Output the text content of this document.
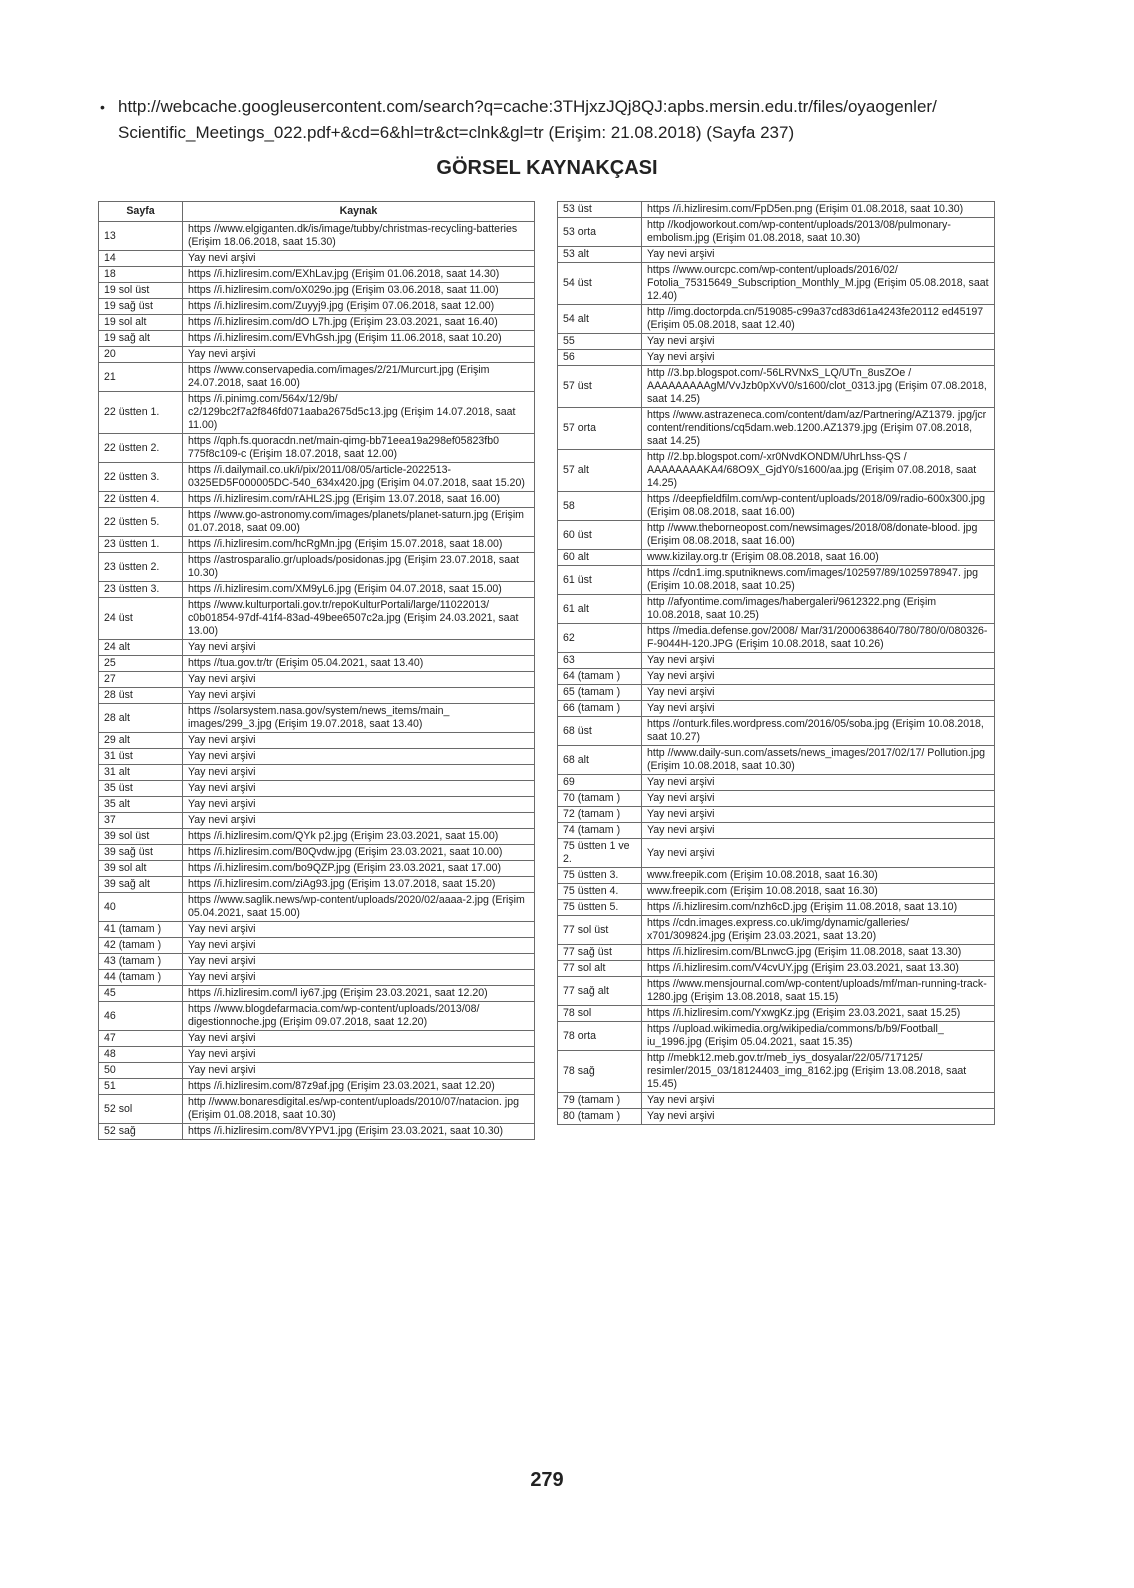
• http://webcache.googleusercontent.com/search?q=cache:3THjxzJQj8QJ:apbs.mersin.edu.tr/files/oyaogenler/
Scientific_Meetings_022.pdf+&cd=6&hl=tr&ct=clnk&gl=tr (Erişim: 21.08.2018) (Sayfa 237)
GÖRSEL KAYNAKÇASI
Sayfa	Kaynak
13	https //www.elgiganten.dk/is/image/tubby/christmas-recycling-batteries (Erişim 18.06.2018, saat 15.30)
14	Yay nevi arşivi
18	https //i.hizliresim.com/EXhLav.jpg (Erişim 01.06.2018, saat 14.30)
19 sol üst	https //i.hizliresim.com/oX029o.jpg (Erişim 03.06.2018, saat 11.00)
19 sağ üst	https //i.hizliresim.com/Zuyyj9.jpg (Erişim 07.06.2018, saat 12.00)
19 sol alt	https //i.hizliresim.com/dO L7h.jpg (Erişim 23.03.2021, saat 16.40)
19 sağ alt	https //i.hizliresim.com/EVhGsh.jpg (Erişim 11.06.2018, saat 10.20)
20	Yay nevi arşivi
21	https //www.conservapedia.com/images/2/21/Murcurt.jpg (Erişim 24.07.2018, saat 16.00)
22 üstten 1.	https //i.pinimg.com/564x/12/9b/ c2/129bc2f7a2f846fd071aaba2675d5c13.jpg (Erişim 14.07.2018, saat 11.00)
22 üstten 2.	https //qph.fs.quoracdn.net/main-qimg-bb71eea19a298ef05823fb0 775f8c109-c (Erişim 18.07.2018, saat 12.00)
22 üstten 3.	https //i.dailymail.co.uk/i/pix/2011/08/05/article-2022513-0325ED5F000005DC-540_634x420.jpg (Erişim 04.07.2018, saat 15.20)
22 üstten 4.	https //i.hizliresim.com/rAHL2S.jpg (Erişim 13.07.2018, saat 16.00)
22 üstten 5.	https //www.go-astronomy.com/images/planets/planet-saturn.jpg (Erişim 01.07.2018, saat 09.00)
23 üstten 1.	https //i.hizliresim.com/hcRgMn.jpg (Erişim 15.07.2018, saat 18.00)
23 üstten 2.	https //astrosparalio.gr/uploads/posidonas.jpg (Erişim 23.07.2018, saat 10.30)
23 üstten 3.	https //i.hizliresim.com/XM9yL6.jpg (Erişim 04.07.2018, saat 15.00)
24 üst	https //www.kulturportali.gov.tr/repoKulturPortali/large/11022013/ c0b01854-97df-41f4-83ad-49bee6507c2a.jpg (Erişim 24.03.2021, saat 13.00)
24 alt	Yay nevi arşivi
25	https //tua.gov.tr/tr (Erişim 05.04.2021, saat 13.40)
27	Yay nevi arşivi
28 üst	Yay nevi arşivi
28 alt	https //solarsystem.nasa.gov/system/news_items/main_ images/299_3.jpg (Erişim 19.07.2018, saat 13.40)
29 alt	Yay nevi arşivi
31 üst	Yay nevi arşivi
31 alt	Yay nevi arşivi
35 üst	Yay nevi arşivi
35 alt	Yay nevi arşivi
37	Yay nevi arşivi
39 sol üst	https //i.hizliresim.com/QYk p2.jpg (Erişim 23.03.2021, saat 15.00)
39 sağ üst	https //i.hizliresim.com/B0Qvdw.jpg (Erişim 23.03.2021, saat 10.00)
39 sol alt	https //i.hizliresim.com/bo9QZP.jpg (Erişim 23.03.2021, saat 17.00)
39 sağ alt	https //i.hizliresim.com/ziAg93.jpg (Erişim 13.07.2018, saat 15.20)
40	https //www.saglik.news/wp-content/uploads/2020/02/aaaa-2.jpg (Erişim 05.04.2021, saat 15.00)
41 (tamam )	Yay nevi arşivi
42 (tamam )	Yay nevi arşivi
43 (tamam )	Yay nevi arşivi
44 (tamam )	Yay nevi arşivi
45	https //i.hizliresim.com/l iy67.jpg (Erişim 23.03.2021, saat 12.20)
46	https //www.blogdefarmacia.com/wp-content/uploads/2013/08/ digestionnoche.jpg (Erişim 09.07.2018, saat 12.20)
47	Yay nevi arşivi
48	Yay nevi arşivi
50	Yay nevi arşivi
51	https //i.hizliresim.com/87z9af.jpg (Erişim 23.03.2021, saat 12.20)
52 sol	http //www.bonaresdigital.es/wp-content/uploads/2010/07/natacion. jpg (Erişim 01.08.2018, saat 10.30)
52 sağ	https //i.hizliresim.com/8VYPV1.jpg (Erişim 23.03.2021, saat 10.30)
53 üst	https //i.hizliresim.com/FpD5en.png (Erişim 01.08.2018, saat 10.30)
53 orta	http //kodjoworkout.com/wp-content/uploads/2013/08/pulmonary-embolism.jpg (Erişim 01.08.2018, saat 10.30)
53 alt	Yay nevi arşivi
54 üst	https //www.ourcpc.com/wp-content/uploads/2016/02/ Fotolia_75315649_Subscription_Monthly_M.jpg (Erişim 05.08.2018, saat 12.40)
54 alt	http //img.doctorpda.cn/519085-c99a37cd83d61a4243fe20112 ed45197 (Erişim 05.08.2018, saat 12.40)
55	Yay nevi arşivi
56	Yay nevi arşivi
57 üst	http //3.bp.blogspot.com/-56LRVNxS_LQ/UTn_8usZOe / AAAAAAAAAgM/VvJzb0pXvV0/s1600/clot_0313.jpg (Erişim 07.08.2018, saat 14.25)
57 orta	https //www.astrazeneca.com/content/dam/az/Partnering/AZ1379. jpg/jcr content/renditions/cq5dam.web.1200.AZ1379.jpg (Erişim 07.08.2018, saat 14.25)
57 alt	http //2.bp.blogspot.com/-xr0NvdKONDM/UhrLhss-QS / AAAAAAAAKA4/68O9X_GjdY0/s1600/aa.jpg (Erişim 07.08.2018, saat 14.25)
58	https //deepfieldfilm.com/wp-content/uploads/2018/09/radio-600x300.jpg (Erişim 08.08.2018, saat 16.00)
60 üst	http //www.theborneopost.com/newsimages/2018/08/donate-blood. jpg (Erişim 08.08.2018, saat 16.00)
60 alt	www.kizilay.org.tr (Erişim 08.08.2018, saat 16.00)
61 üst	https //cdn1.img.sputniknews.com/images/102597/89/1025978947. jpg (Erişim 10.08.2018, saat 10.25)
61 alt	http //afyontime.com/images/habergaleri/9612322.png (Erişim 10.08.2018, saat 10.25)
62	https //media.defense.gov/2008/ Mar/31/2000638640/780/780/0/080326-F-9044H-120.JPG (Erişim 10.08.2018, saat 10.26)
63	Yay nevi arşivi
64 (tamam )	Yay nevi arşivi
65 (tamam )	Yay nevi arşivi
66 (tamam )	Yay nevi arşivi
68 üst	https //onturk.files.wordpress.com/2016/05/soba.jpg (Erişim 10.08.2018, saat 10.27)
68 alt	http //www.daily-sun.com/assets/news_images/2017/02/17/ Pollution.jpg (Erişim 10.08.2018, saat 10.30)
69	Yay nevi arşivi
70 (tamam )	Yay nevi arşivi
72 (tamam )	Yay nevi arşivi
74 (tamam )	Yay nevi arşivi
75 üstten 1 ve 2.	Yay nevi arşivi
75 üstten 3.	www.freepik.com (Erişim 10.08.2018, saat 16.30)
75 üstten 4.	www.freepik.com (Erişim 10.08.2018, saat 16.30)
75 üstten 5.	https //i.hizliresim.com/nzh6cD.jpg (Erişim 11.08.2018, saat 13.10)
77 sol üst	https //cdn.images.express.co.uk/img/dynamic/galleries/ x701/309824.jpg (Erişim 23.03.2021, saat 13.20)
77 sağ üst	https //i.hizliresim.com/BLnwcG.jpg (Erişim 11.08.2018, saat 13.30)
77 sol alt	https //i.hizliresim.com/V4cvUY.jpg (Erişim 23.03.2021, saat 13.30)
77 sağ alt	https //www.mensjournal.com/wp-content/uploads/mf/man-running-track-1280.jpg (Erişim 13.08.2018, saat 15.15)
78 sol	https //i.hizliresim.com/YxwgKz.jpg (Erişim 23.03.2021, saat 15.25)
78 orta	https //upload.wikimedia.org/wikipedia/commons/b/b9/Football_ iu_1996.jpg (Erişim 05.04.2021, saat 15.35)
78 sağ	http //mebk12.meb.gov.tr/meb_iys_dosyalar/22/05/717125/ resimler/2015_03/18124403_img_8162.jpg (Erişim 13.08.2018, saat 15.45)
79 (tamam )	Yay nevi arşivi
80 (tamam )	Yay nevi arşivi
279
